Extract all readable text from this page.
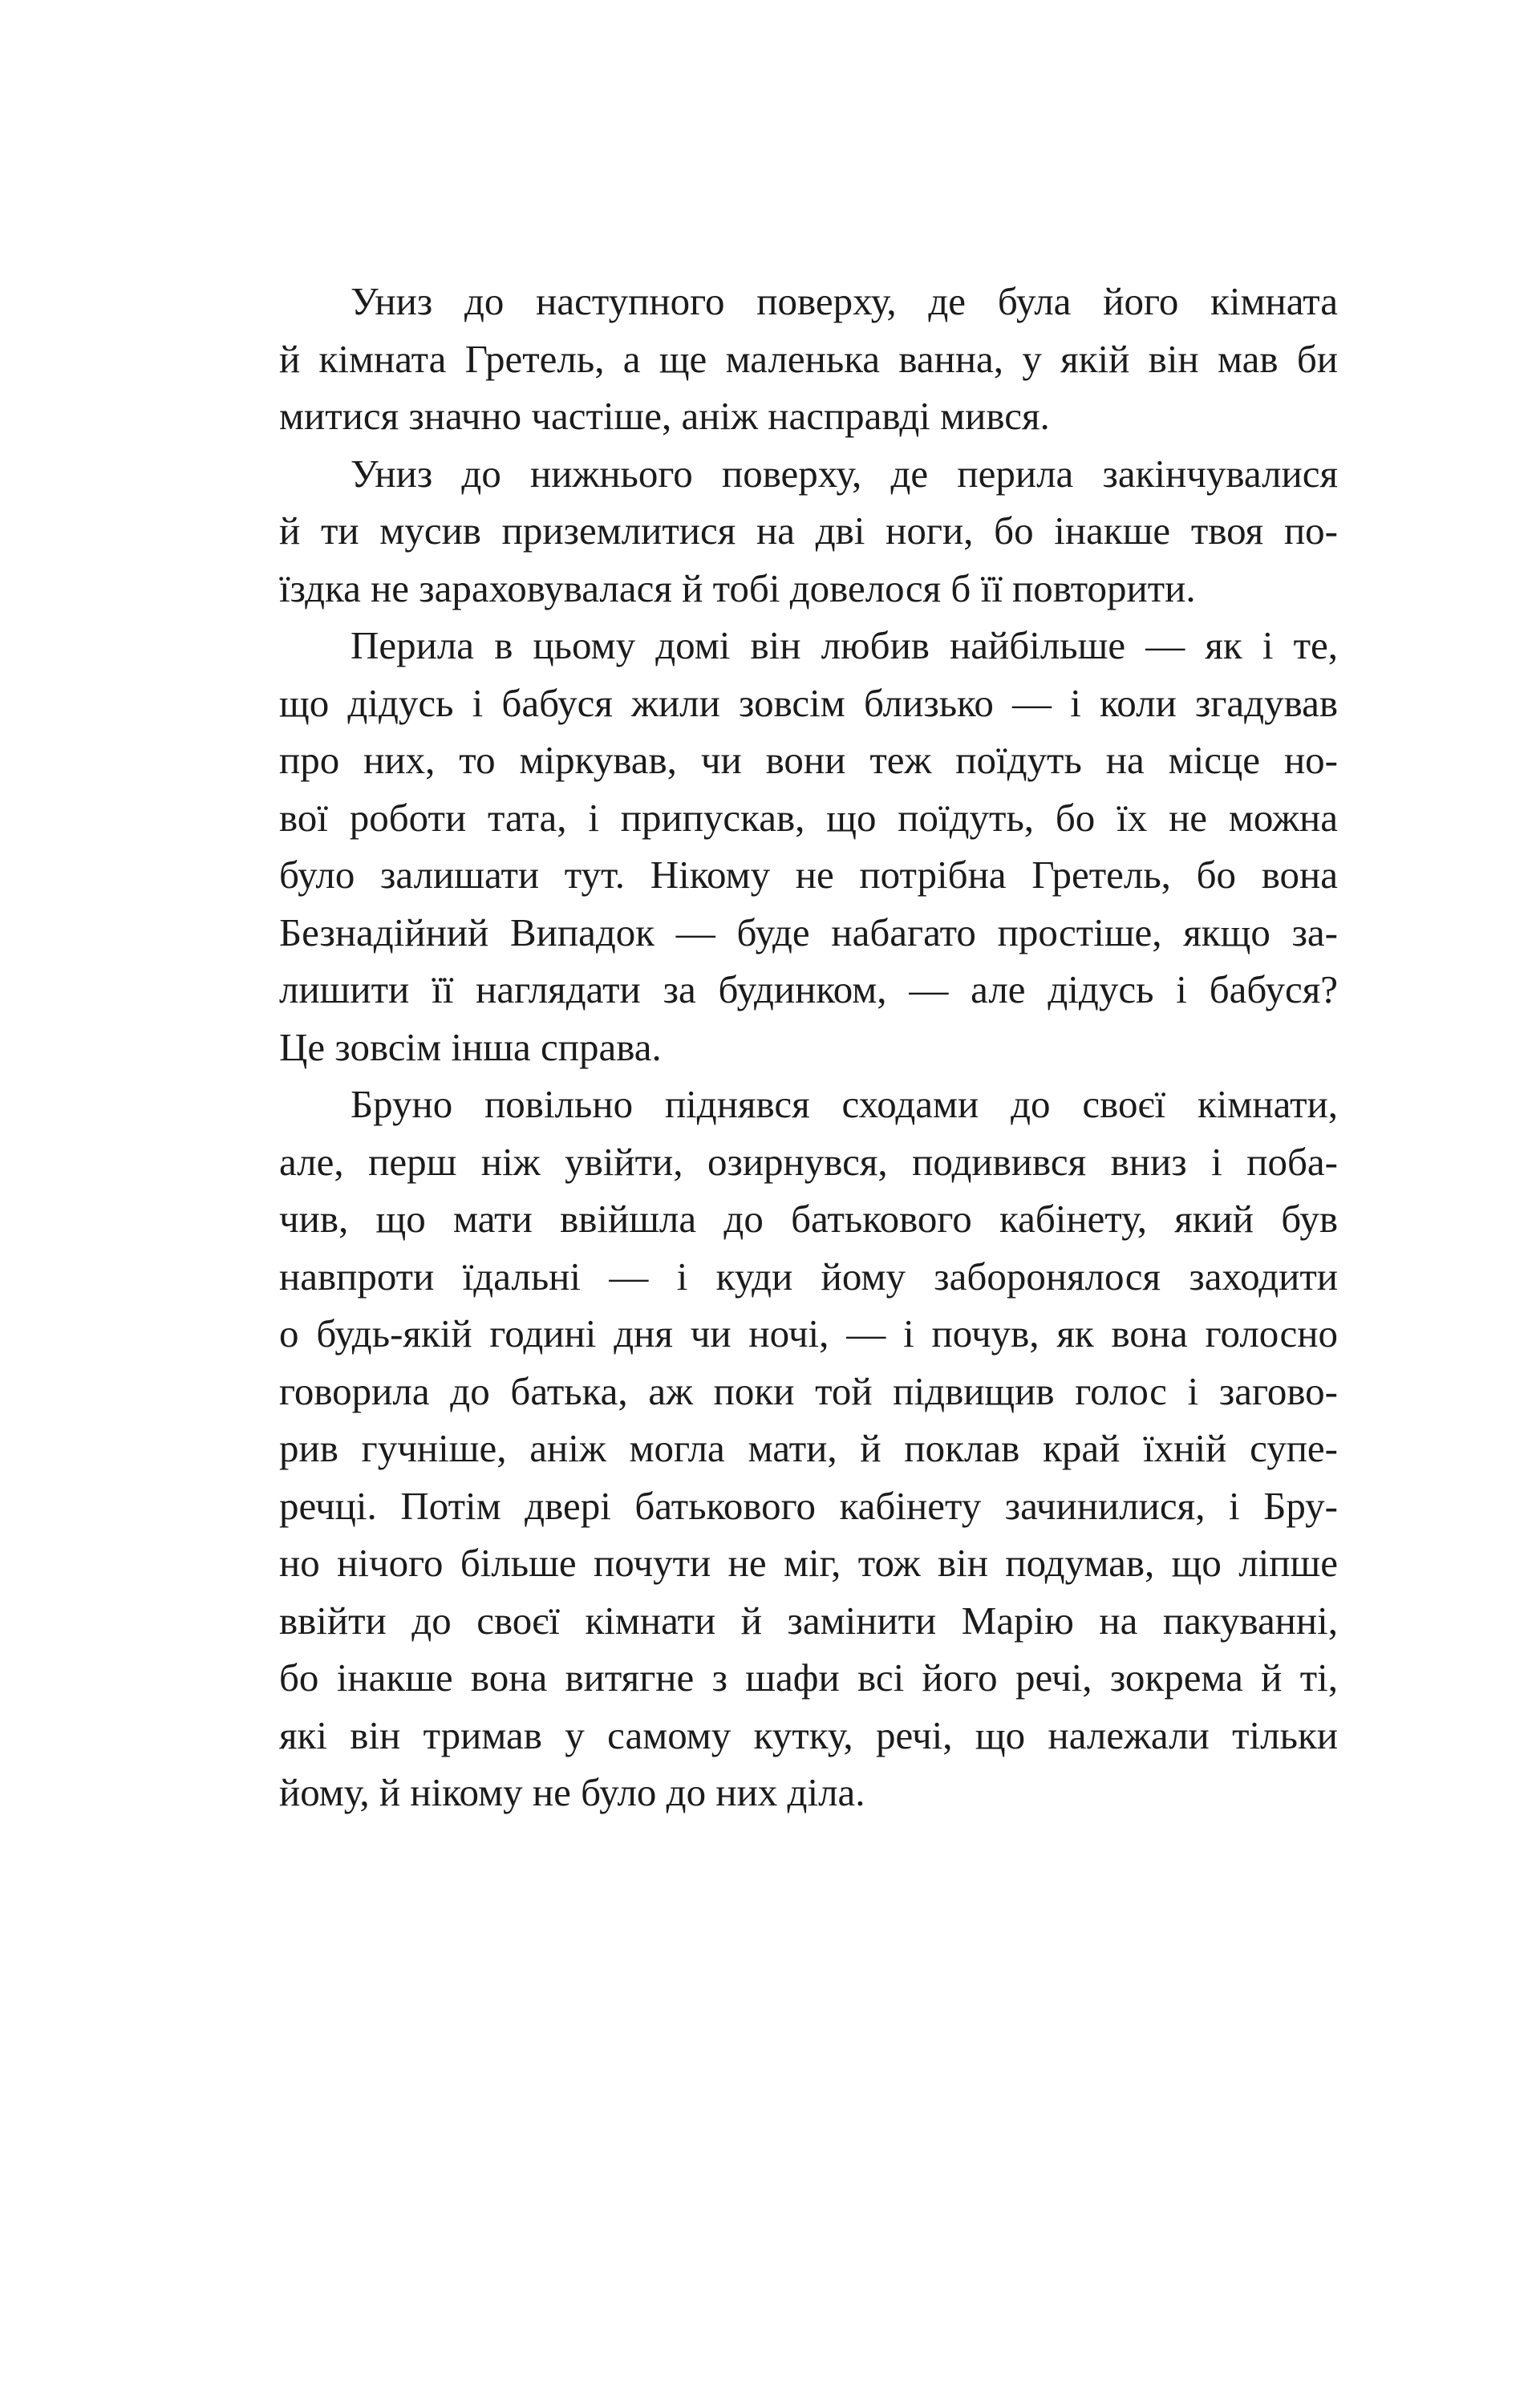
Униз до наступного поверху, де була його кімната
й кімната Гретель, а ще маленька ванна, у якій він мав би
митися значно частіше, аніж насправді мився.
Униз до нижнього поверху, де перила закінчувалися
й ти мусив приземлитися на дві ноги, бо інакше твоя по-
їздка не зараховувалася й тобі довелося б її повторити.
Перила в цьому домі він любив найбільше — як і те,
що дідусь і бабуся жили зовсім близько — і коли згадував
про них, то міркував, чи вони теж поїдуть на місце но-
вої роботи тата, і припускав, що поїдуть, бо їх не можна
було залишати тут. Нікому не потрібна Гретель, бо вона
Безнадійний Випадок — буде набагато простіше, якщо за-
лишити її наглядати за будинком, — але дідусь і бабуся?
Це зовсім інша справа.
Бруно повільно піднявся сходами до своєї кімнати,
але, перш ніж увійти, озирнувся, подивився вниз і поба-
чив, що мати ввійшла до батькового кабінету, який був
навпроти їдальні — і куди йому заборонялося заходити
о будь-якій годині дня чи ночі, — і почув, як вона голосно
говорила до батька, аж поки той підвищив голос і загово-
рив гучніше, аніж могла мати, й поклав край їхній супе-
речці. Потім двері батькового кабінету зачинилися, і Бру-
но нічого більше почути не міг, тож він подумав, що ліпше
ввійти до своєї кімнати й замінити Марію на пакуванні,
бо інакше вона витягне з шафи всі його речі, зокрема й ті,
які він тримав у самому кутку, речі, що належали тільки
йому, й нікому не було до них діла.
